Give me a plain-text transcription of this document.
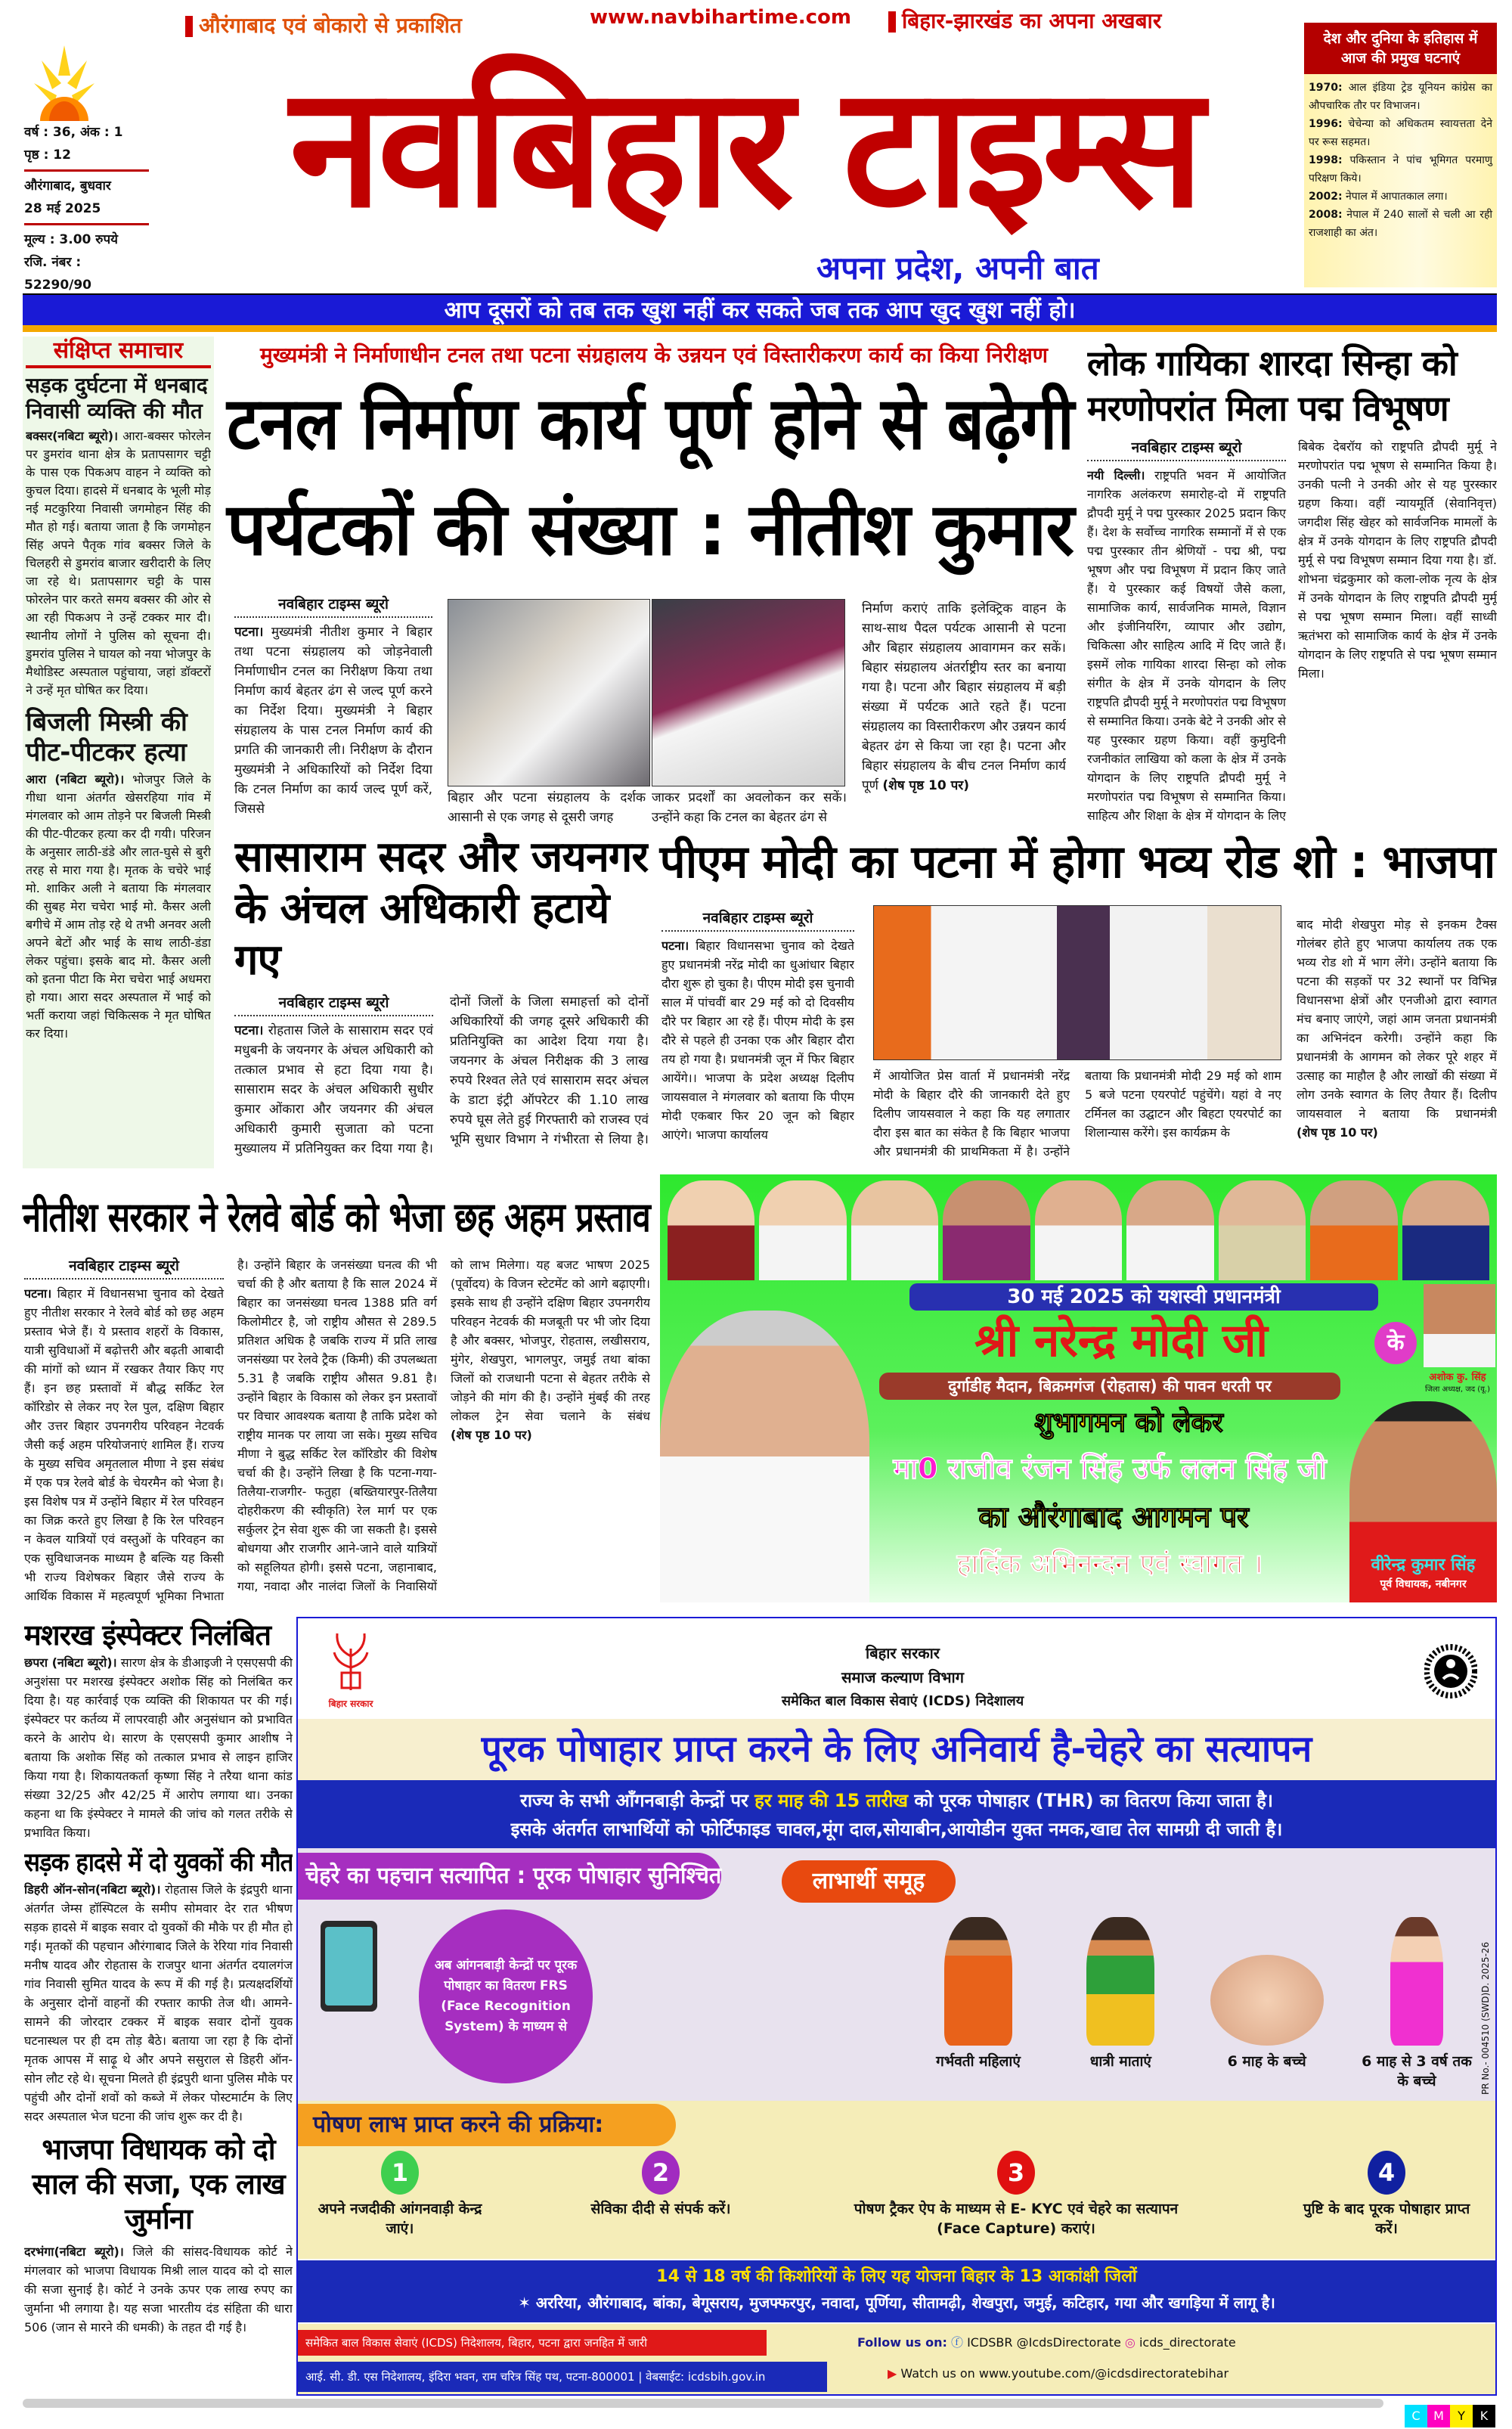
औरंगाबाद एवं बोकारो से प्रकाशित	www.navbihartime.com	बिहार-झारखंड का अपना अखबार
वर्ष : 36, अंक : 1
पृष्ठ : 12
औरंगाबाद, बुधवार
28 मई 2025
मूल्य : 3.00 रुपये
रजि. नंबर : 52290/90
नवबिहार टाइम्स
अपना प्रदेश, अपनी बात
देश और दुनिया के इतिहास में आज की प्रमुख घटनाएं
1970: आल इंडिया ट्रेड यूनियन कांग्रेस का औपचारिक तौर पर विभाजन।
1996: चेचेन्या को अधिकतम स्वायत्तता देने पर रूस सहमत।
1998: पकिस्तान ने पांच भूमिगत परमाणु परिक्षण किये।
2002: नेपाल में आपातकाल लगा।
2008: नेपाल में 240 सालों से चली आ रही राजशाही का अंत।
आप दूसरों को तब तक खुश नहीं कर सकते जब तक आप खुद खुश नहीं हो।
संक्षिप्त समाचार
सड़क दुर्घटना में धनबाद निवासी व्यक्ति की मौत
बक्सर(नबिटा ब्यूरो)। आरा-बक्सर फोरलेन पर डुमरांव थाना क्षेत्र के प्रतापसागर चट्टी के पास एक पिकअप वाहन ने व्यक्ति को कुचल दिया। हादसे में धनबाद के भूली मोड़ नई मटकुरिया निवासी जगमोहन सिंह की मौत हो गई। बताया जाता है कि जगमोहन सिंह अपने पैतृक गांव बक्सर जिले के चिलहरी से डुमरांव बाजार खरीदारी के लिए जा रहे थे। प्रतापसागर चट्टी के पास फोरलेन पार करते समय बक्सर की ओर से आ रही पिकअप ने उन्हें टक्कर मार दी। स्थानीय लोगों ने पुलिस को सूचना दी। डुमरांव पुलिस ने घायल को नया भोजपुर के मैथोडिस्ट अस्पताल पहुंचाया, जहां डॉक्टरों ने उन्हें मृत घोषित कर दिया।
बिजली मिस्त्री की पीट-पीटकर हत्या
आरा (नबिटा ब्यूरो)। भोजपुर जिले के गीधा थाना अंतर्गत खेसरहिया गांव में मंगलवार को आम तोड़ने पर बिजली मिस्त्री की पीट-पीटकर हत्या कर दी गयी। परिजन के अनुसार लाठी-डंडे और लात-घुसे से बुरी तरह से मारा गया है। मृतक के चचेरे भाई मो. शाकिर अली ने बताया कि मंगलवार की सुबह मेरा चचेरा भाई मो. कैसर अली बगीचे में आम तोड़ रहे थे तभी अनवर अली अपने बेटों और भाई के साथ लाठी-डंडा लेकर पहुंचा। इसके बाद मो. कैसर अली को इतना पीटा कि मेरा चचेरा भाई अधमरा हो गया। आरा सदर अस्पताल में भाई को भर्ती कराया जहां चिकित्सक ने मृत घोषित कर दिया।
मुख्यमंत्री ने निर्माणाधीन टनल तथा पटना संग्रहालय के उन्नयन एवं विस्तारीकरण कार्य का किया निरीक्षण
टनल निर्माण कार्य पूर्ण होने से बढ़ेगी
पर्यटकों की संख्या : नीतीश कुमार
नवबिहार टाइम्स ब्यूरो
पटना। मुख्यमंत्री नीतीश कुमार ने बिहार तथा पटना संग्रहालय को जोड़नेवाली निर्माणाधीन टनल का निरीक्षण किया तथा निर्माण कार्य बेहतर ढंग से जल्द पूर्ण करने का निर्देश दिया। मुख्यमंत्री ने बिहार संग्रहालय के पास टनल निर्माण कार्य की प्रगति की जानकारी ली। निरीक्षण के दौरान मुख्यमंत्री ने अधिकारियों को निर्देश दिया कि टनल निर्माण का कार्य जल्द पूर्ण करें, जिससे
बिहार और पटना संग्रहालय के दर्शक आसानी से एक जगह से दूसरी जगह
जाकर प्रदर्शों का अवलोकन कर सकें। उन्होंने कहा कि टनल का बेहतर ढंग से
निर्माण कराएं ताकि इलेक्ट्रिक वाहन के साथ-साथ पैदल पर्यटक आसानी से पटना और बिहार संग्रहालय आवागमन कर सकें। बिहार संग्रहालय अंतर्राष्ट्रीय स्तर का बनाया गया है। पटना और बिहार संग्रहालय में बड़ी संख्या में पर्यटक आते रहते हैं। पटना संग्रहालय का विस्तारीकरण और उन्नयन कार्य बेहतर ढंग से किया जा रहा है। पटना और बिहार संग्रहालय के बीच टनल निर्माण कार्य पूर्ण (शेष पृष्ठ 10 पर)
लोक गायिका शारदा सिन्हा को मरणोपरांत मिला पद्म विभूषण
नवबिहार टाइम्स ब्यूरो
नयी दिल्ली। राष्ट्रपति भवन में आयोजित नागरिक अलंकरण समारोह-दो में राष्ट्रपति द्रौपदी मुर्मू ने पद्म पुरस्कार 2025 प्रदान किए हैं। देश के सर्वोच्च नागरिक सम्मानों में से एक पद्म पुरस्कार तीन श्रेणियों - पद्म श्री, पद्म भूषण और पद्म विभूषण में प्रदान किए जाते हैं। ये पुरस्कार कई विषयों जैसे कला, सामाजिक कार्य, सार्वजनिक मामले, विज्ञान और इंजीनियरिंग, व्यापार और उद्योग, चिकित्सा और साहित्य आदि में दिए जाते हैं। इसमें लोक गायिका शारदा सिन्हा को लोक संगीत के क्षेत्र में उनके योगदान के लिए राष्ट्रपति द्रौपदी मुर्मू ने मरणोपरांत पद्म विभूषण से सम्मानित किया। उनके बेटे ने उनकी ओर से यह पुरस्कार ग्रहण किया। वहीं कुमुदिनी रजनीकांत लाखिया को कला के क्षेत्र में उनके योगदान के लिए राष्ट्रपति द्रौपदी मुर्मू ने मरणोपरांत पद्म विभूषण से सम्मानित किया। साहित्य और शिक्षा के क्षेत्र में योगदान के लिए बिबेक देबरॉय को राष्ट्रपति द्रौपदी मुर्मू ने मरणोपरांत पद्म भूषण से सम्मानित किया है। उनकी पत्नी ने उनकी ओर से यह पुरस्कार ग्रहण किया। वहीं न्यायमूर्ति (सेवानिवृत्त) जगदीश सिंह खेहर को सार्वजनिक मामलों के क्षेत्र में उनके योगदान के लिए राष्ट्रपति द्रौपदी मुर्मू से पद्म विभूषण सम्मान दिया गया है। डॉ. शोभना चंद्रकुमार को कला-लोक नृत्य के क्षेत्र में उनके योगदान के लिए राष्ट्रपति द्रौपदी मुर्मू से पद्म भूषण सम्मान मिला। वहीं साध्वी ऋतंभरा को सामाजिक कार्य के क्षेत्र में उनके योगदान के लिए राष्ट्रपति से पद्म भूषण सम्मान मिला।
सासाराम सदर और जयनगर के अंचल अधिकारी हटाये गए
नवबिहार टाइम्स ब्यूरो
पटना। रोहतास जिले के सासाराम सदर एवं मधुबनी के जयनगर के अंचल अधिकारी को तत्काल प्रभाव से हटा दिया गया है। सासाराम सदर के अंचल अधिकारी सुधीर कुमार ओंकारा और जयनगर की अंचल अधिकारी कुमारी सुजाता को पटना मुख्यालय में प्रतिनियुक्त कर दिया गया है। दोनों जिलों के जिला समाहर्त्ता को दोनों अधिकारियों की जगह दूसरे अधिकारी की प्रतिनियुक्ति का आदेश दिया गया है। जयनगर के अंचल निरीक्षक की 3 लाख रुपये रिश्वत लेते एवं सासाराम सदर अंचल के डाटा इंट्री ऑपरेटर की 1.10 लाख रुपये घूस लेते हुई गिरफ्तारी को राजस्व एवं भूमि सुधार विभाग ने गंभीरता से लिया है।
पीएम मोदी का पटना में होगा भव्य रोड शो : भाजपा
नवबिहार टाइम्स ब्यूरो
पटना। बिहार विधानसभा चुनाव को देखते हुए प्रधानमंत्री नरेंद्र मोदी का धुआंधार बिहार दौरा शुरू हो चुका है। पीएम मोदी इस चुनावी साल में पांचवीं बार 29 मई को दो दिवसीय दौरे पर बिहार आ रहे हैं। पीएम मोदी के इस दौरे से पहले ही उनका एक और बिहार दौरा तय हो गया है। प्रधानमंत्री जून में फिर बिहार आयेंगे।। भाजपा के प्रदेश अध्यक्ष दिलीप जायसवाल ने मंगलवार को बताया कि पीएम मोदी एकबार फिर 20 जून को बिहार आएंगे। भाजपा कार्यालय
में आयोजित प्रेस वार्ता में प्रधानमंत्री नरेंद्र मोदी के बिहार दौरे की जानकारी देते हुए दिलीप जायसवाल ने कहा कि यह लगातार दौरा इस बात का संकेत है कि बिहार भाजपा और प्रधानमंत्री की प्राथमिकता में है। उन्होंने बताया कि प्रधानमंत्री मोदी 29 मई को शाम 5 बजे पटना एयरपोर्ट पहुंचेंगे। यहां वे नए टर्मिनल का उद्घाटन और बिहटा एयरपोर्ट का शिलान्यास करेंगे। इस कार्यक्रम के
बाद मोदी शेखपुरा मोड़ से इनकम टैक्स गोलंबर होते हुए भाजपा कार्यालय तक एक भव्य रोड शो में भाग लेंगे। उन्होंने बताया कि पटना की सड़कों पर 32 स्थानों पर विभिन्न विधानसभा क्षेत्रों और एनजीओ द्वारा स्वागत मंच बनाए जाएंगे, जहां आम जनता प्रधानमंत्री का अभिनंदन करेगी। उन्होंने कहा कि प्रधानमंत्री के आगमन को लेकर पूरे शहर में उत्साह का माहौल है और लाखों की संख्या में लोग उनके स्वागत के लिए तैयार हैं। दिलीप जायसवाल ने बताया कि प्रधानमंत्री (शेष पृष्ठ 10 पर)
30 मई 2025 को यशस्वी प्रधानमंत्री
श्री नरेन्द्र मोदी जी	के
अशोक कु. सिंह
जिला अध्यक्ष, जद (यू.)
दुर्गाडीह मैदान, बिक्रमगंज (रोहतास) की पावन धरती पर
शुभागमन को लेकर
मा0 राजीव रंजन सिंह उर्फ ललन सिंह जी
का औरंगाबाद आगमन पर
हार्दिक अभिनन्दन एवं स्वागत ।	वीरेन्द्र कुमार सिंह
पूर्व विधायक, नबीनगर
नीतीश सरकार ने रेलवे बोर्ड को भेजा छह अहम प्रस्ताव
नवबिहार टाइम्स ब्यूरो
पटना। बिहार में विधानसभा चुनाव को देखते हुए नीतीश सरकार ने रेलवे बोर्ड को छह अहम प्रस्ताव भेजे हैं। ये प्रस्ताव शहरों के विकास, यात्री सुविधाओं में बढ़ोत्तरी और बढ़ती आबादी की मांगों को ध्यान में रखकर तैयार किए गए हैं। इन छह प्रस्तावों में बौद्ध सर्किट रेल कॉरिडोर से लेकर नए रेल पुल, दक्षिण बिहार और उत्तर बिहार उपनगरीय परिवहन नेटवर्क जैसी कई अहम परियोजनाएं शामिल हैं। राज्य के मुख्य सचिव अमृतलाल मीणा ने इस संबंध में एक पत्र रेलवे बोर्ड के चेयरमैन को भेजा है। इस विशेष पत्र में उन्होंने बिहार में रेल परिवहन का जिक्र करते हुए लिखा है कि रेल परिवहन न केवल यात्रियों एवं वस्तुओं के परिवहन का एक सुविधाजनक माध्यम है बल्कि यह किसी भी राज्य विशेषकर बिहार जैसे राज्य के आर्थिक विकास में महत्वपूर्ण भूमिका निभाता है। उन्होंने बिहार के जनसंख्या घनत्व की भी चर्चा की है और बताया है कि साल 2024 में बिहार का जनसंख्या घनत्व 1388 प्रति वर्ग किलोमीटर है, जो राष्ट्रीय औसत से 289.5 प्रतिशत अधिक है जबकि राज्य में प्रति लाख जनसंख्या पर रेलवे ट्रैक (किमी) की उपलब्धता 5.31 है जबकि राष्ट्रीय औसत 9.81 है। उन्होंने बिहार के विकास को लेकर इन प्रस्तावों पर विचार आवश्यक बताया है ताकि प्रदेश को राष्ट्रीय मानक पर लाया जा सके। मुख्य सचिव मीणा ने बुद्ध सर्किट रेल कॉरिडोर की विशेष चर्चा की है। उन्होंने लिखा है कि पटना-गया-तिलैया-राजगीर- फतुहा (बख्तियारपुर-तिलैया दोहरीकरण की स्वीकृति) रेल मार्ग पर एक सर्कुलर ट्रेन सेवा शुरू की जा सकती है। इससे बोधगया और राजगीर आने-जाने वाले यात्रियों को सहूलियत होगी। इससे पटना, जहानाबाद, गया, नवादा और नालंदा जिलों के निवासियों को लाभ मिलेगा। यह बजट भाषण 2025 (पूर्वोदय) के विजन स्टेटमेंट को आगे बढ़ाएगी। इसके साथ ही उन्होंने दक्षिण बिहार उपनगरीय परिवहन नेटवर्क की मजबूती पर भी जोर दिया है और बक्सर, भोजपुर, रोहतास, लखीसराय, मुंगेर, शेखपुरा, भागलपुर, जमुई तथा बांका जिलों को राजधानी पटना से बेहतर तरीके से जोड़ने की मांग की है। उन्होंने मुंबई की तरह लोकल ट्रेन सेवा चलाने के संबंध (शेष पृष्ठ 10 पर)
मशरख इंस्पेक्टर निलंबित
छपरा (नबिटा ब्यूरो)। सारण क्षेत्र के डीआइजी ने एसएसपी की अनुशंसा पर मशरख इंस्पेक्टर अशोक सिंह को निलंबित कर दिया है। यह कार्रवाई एक व्यक्ति की शिकायत पर की गई। इंस्पेक्टर पर कर्तव्य में लापरवाही और अनुसंधान को प्रभावित करने के आरोप थे। सारण के एसएसपी कुमार आशीष ने बताया कि अशोक सिंह को तत्काल प्रभाव से लाइन हाजिर किया गया है। शिकायतकर्ता कृष्णा सिंह ने तरैया थाना कांड संख्या 32/25 और 42/25 में आरोप लगाया था। उनका कहना था कि इंस्पेक्टर ने मामले की जांच को गलत तरीके से प्रभावित किया।
सड़क हादसे में दो युवकों की मौत
डिहरी ऑन-सोन(नबिटा ब्यूरो)। रोहतास जिले के इंद्रपुरी थाना अंतर्गत जेम्स हॉस्पिटल के समीप सोमवार देर रात भीषण सड़क हादसे में बाइक सवार दो युवकों की मौके पर ही मौत हो गई। मृतकों की पहचान औरंगाबाद जिले के रेरिया गांव निवासी मनीष यादव और रोहतास के राजपुर थाना अंतर्गत दयालगंज गांव निवासी सुमित यादव के रूप में की गई है। प्रत्यक्षदर्शियों के अनुसार दोनों वाहनों की रफ्तार काफी तेज थी। आमने-सामने की जोरदार टक्कर में बाइक सवार दोनों युवक घटनास्थल पर ही दम तोड़ बैठे। बताया जा रहा है कि दोनों मृतक आपस में साढ़ू थे और अपने ससुराल से डिहरी ऑन-सोन लौट रहे थे। सूचना मिलते ही इंद्रपुरी थाना पुलिस मौके पर पहुंची और दोनों शवों को कब्जे में लेकर पोस्टमार्टम के लिए सदर अस्पताल भेज घटना की जांच शुरू कर दी है।
भाजपा विधायक को दो साल की सजा, एक लाख जुर्माना
दरभंगा(नबिटा ब्यूरो)। जिले की सांसद-विधायक कोर्ट ने मंगलवार को भाजपा विधायक मिश्री लाल यादव को दो साल की सजा सुनाई है। कोर्ट ने उनके ऊपर एक लाख रुपए का जुर्माना भी लगाया है। यह सजा भारतीय दंड संहिता की धारा 506 (जान से मारने की धमकी) के तहत दी गई है।
बिहार सरकार
बिहार सरकार
समाज कल्याण विभाग
समेकित बाल विकास सेवाएं (ICDS) निदेशालय
पूरक पोषाहार प्राप्त करने के लिए अनिवार्य है-चेहरे का सत्यापन
राज्य के सभी आँगनबाड़ी केन्द्रों पर हर माह की 15 तारीख को पूरक पोषाहार (THR) का वितरण किया जाता है।
इसके अंतर्गत लाभार्थियों को फोर्टिफाइड चावल,मूंग दाल,सोयाबीन,आयोडीन युक्त नमक,खाद्य तेल सामग्री दी जाती है।
चेहरे का पहचान सत्यापित : पूरक पोषाहार सुनिश्चित	लाभार्थी समूह
अब आंगनबाड़ी केन्द्रों पर पूरक पोषाहार का वितरण FRS (Face Recognition System) के माध्यम से
गर्भवती महिलाएं	धात्री माताएं	6 माह के बच्चे	6 माह से 3 वर्ष तक के बच्चे
पोषण लाभ प्राप्त करने की प्रक्रिया:
1
अपने नजदीकी आंगनवाड़ी केन्द्र जाएं।
2
सेविका दीदी से संपर्क करें।
3
पोषण ट्रैकर ऐप के माध्यम से E- KYC एवं चेहरे का सत्यापन (Face Capture) कराएं।
4
पुष्टि के बाद पूरक पोषाहार प्राप्त करें।
14 से 18 वर्ष की किशोरियों के लिए यह योजना बिहार के 13 आकांक्षी जिलों
✶ अररिया, औरंगाबाद, बांका, बेगूसराय, मुजफ्फरपुर, नवादा, पूर्णिया, सीतामढ़ी, शेखपुरा, जमुई, कटिहार, गया और खगड़िया में लागू है।
समेकित बाल विकास सेवाएं (ICDS) निदेशालय, बिहार, पटना द्वारा जनहित में जारी
आई. सी. डी. एस निदेशालय, इंदिरा भवन, राम चरित्र सिंह पथ, पटना-800001 | वेबसाईट: icdsbih.gov.in
Follow us on: ⓕ ICDSBR @IcdsDirectorate ◎ icds_directorate
▶ Watch us on www.youtube.com/@icdsdirectoratebihar
PR No.- 004510 (SWD)D. 2025-26
C	M	Y	K
